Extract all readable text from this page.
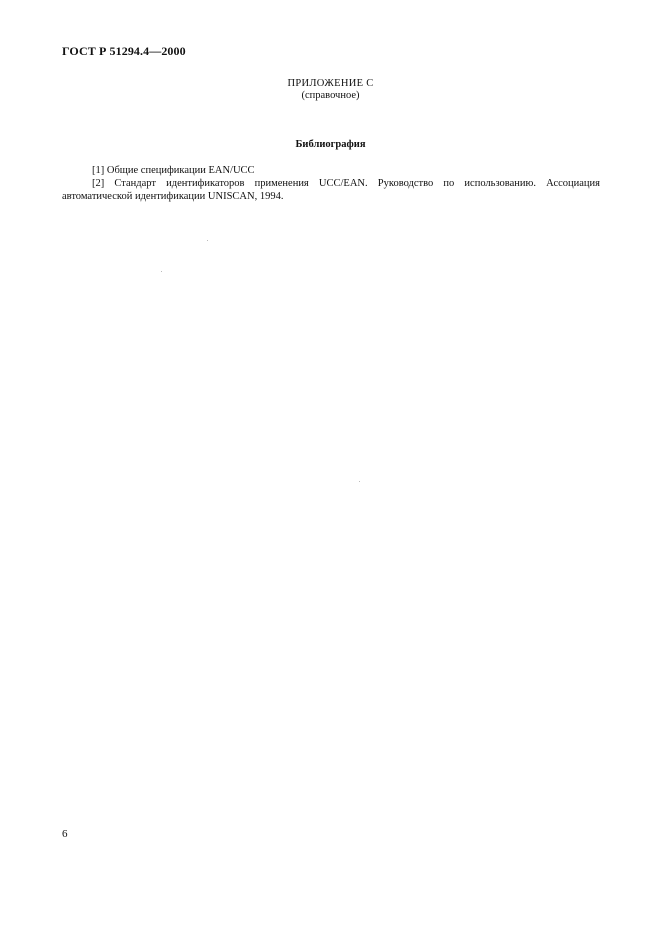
ГОСТ Р 51294.4—2000
ПРИЛОЖЕНИЕ С
(справочное)
Библиография

[1] Общие спецификации EAN/UCC

[2] Стандарт идентификаторов применения UCC/EAN. Руководство по использованию. Ассоциация автоматической идентификации UNISCAN, 1994.

6
